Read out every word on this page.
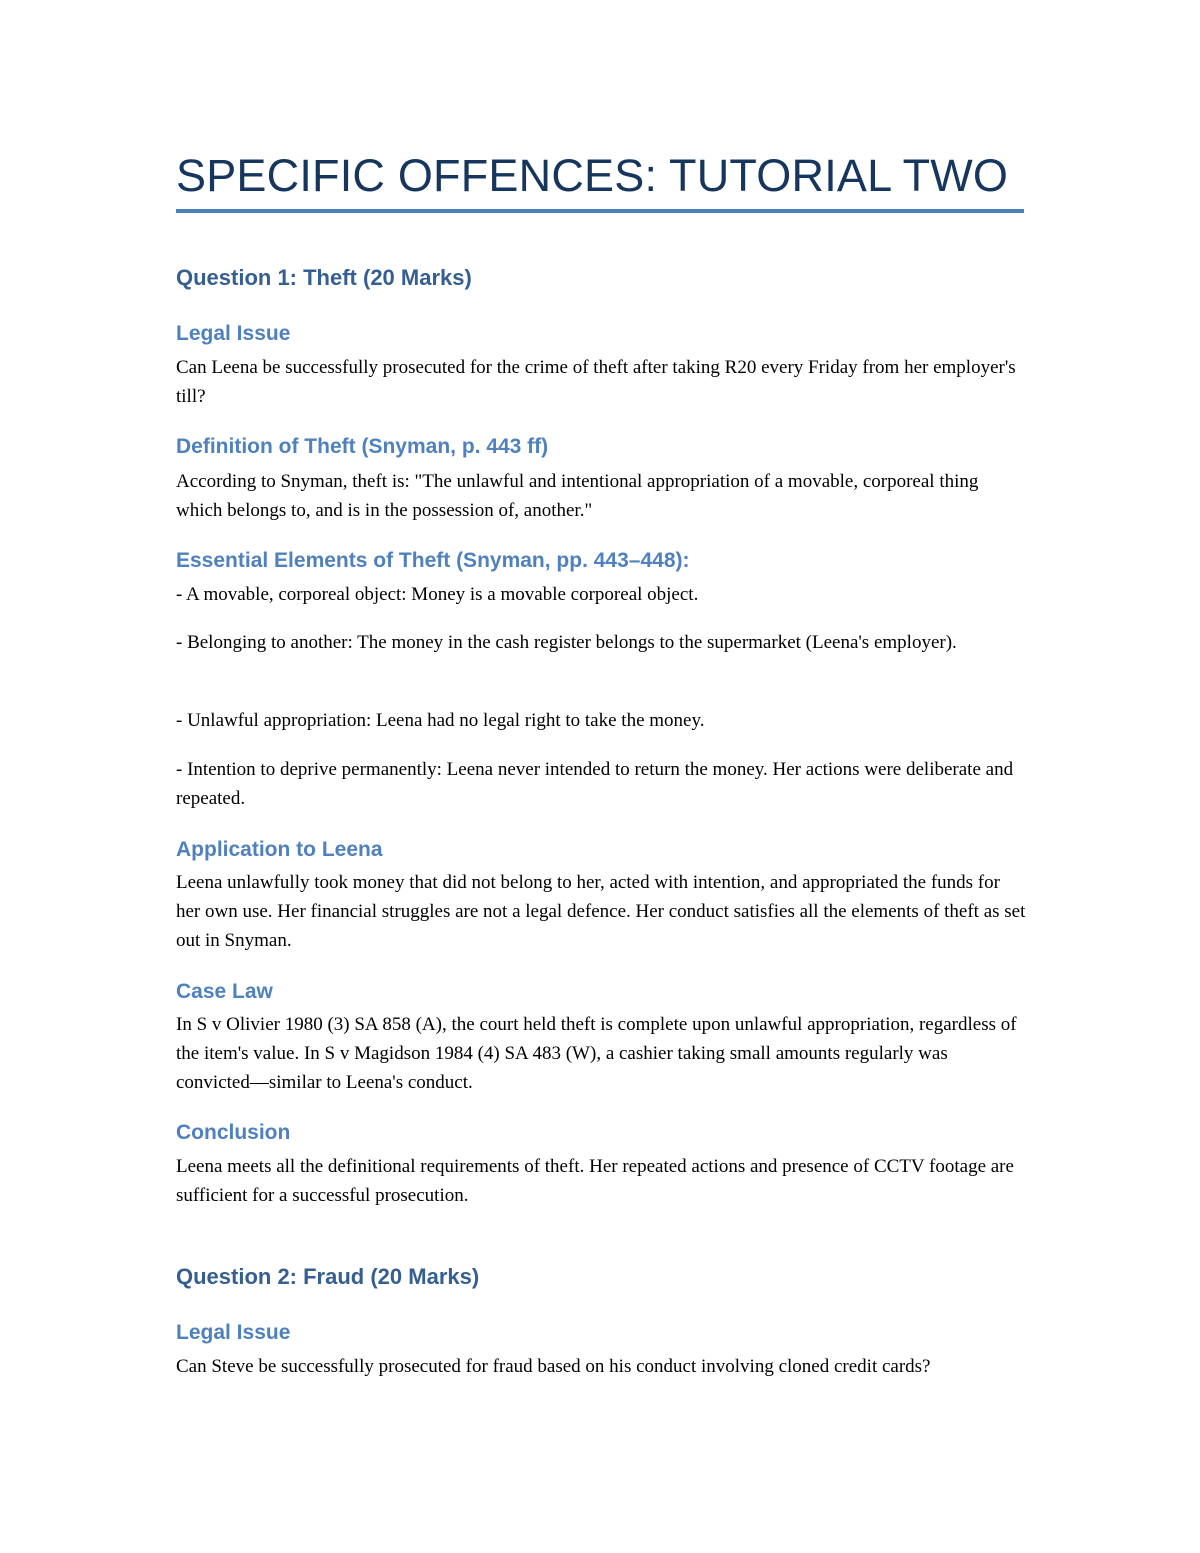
SPECIFIC OFFENCES: TUTORIAL TWO
Question 1: Theft (20 Marks)
Legal Issue

Can Leena be successfully prosecuted for the crime of theft after taking R20 every Friday from her employer's till?

Definition of Theft (Snyman, p. 443 ff)

According to Snyman, theft is: "The unlawful and intentional appropriation of a movable, corporeal thing which belongs to, and is in the possession of, another."

Essential Elements of Theft (Snyman, pp. 443–448):

- A movable, corporeal object: Money is a movable corporeal object.

- Belonging to another: The money in the cash register belongs to the supermarket (Leena's employer).

- Unlawful appropriation: Leena had no legal right to take the money.

- Intention to deprive permanently: Leena never intended to return the money. Her actions were deliberate and repeated.

Application to Leena

Leena unlawfully took money that did not belong to her, acted with intention, and appropriated the funds for her own use. Her financial struggles are not a legal defence. Her conduct satisfies all the elements of theft as set out in Snyman.

Case Law

In S v Olivier 1980 (3) SA 858 (A), the court held theft is complete upon unlawful appropriation, regardless of the item's value. In S v Magidson 1984 (4) SA 483 (W), a cashier taking small amounts regularly was convicted—similar to Leena's conduct.

Conclusion

Leena meets all the definitional requirements of theft. Her repeated actions and presence of CCTV footage are sufficient for a successful prosecution.

Question 2: Fraud (20 Marks)
Legal Issue

Can Steve be successfully prosecuted for fraud based on his conduct involving cloned credit cards?
